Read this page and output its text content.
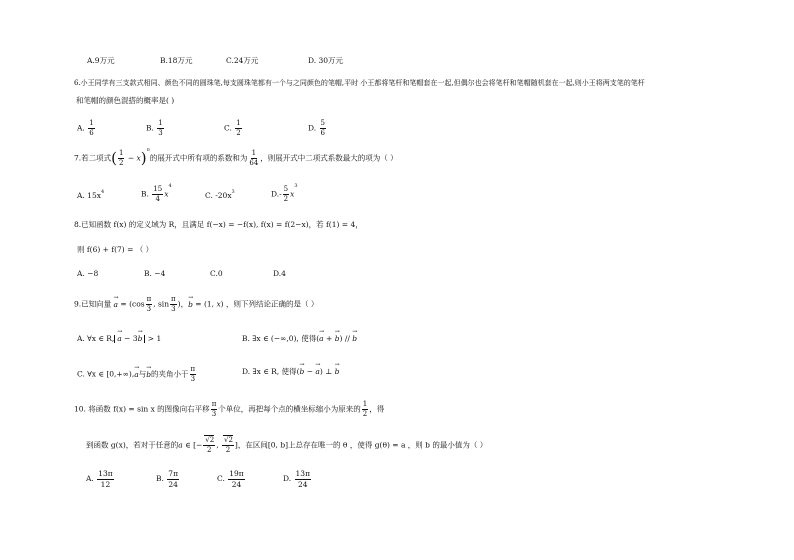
A.9万元	B.18万元	C.24万元	D. 30万元
6.小王同学有三支款式相同、颜色不同的圆珠笔,每支圆珠笔都有一个与之同颜色的笔帽,平时 小王都将笔杆和笔帽套在一起,但偶尔也会将笔杆和笔帽随机套在一起,则小王将两支笔的笔杆
和笔帽的颜色混搭的概率是( )
A. $\frac{1}{6}$	B. $\frac{1}{3}$	C. $\frac{1}{2}$	D. $\frac{5}{6}$
7.若二项式( $\frac{1}{2} - x)^n$的展开式中所有项的系数和为 $\frac{1}{64}$ ，则展开式中二项式系数最大的项为（ ）
A. $15x^4$	B. $\frac{15}{4} x^4$
C. $-20x^3$	$D.- \frac{5}{2} x^3$
8.已知函数 f(x) 的定义域为 R，且满足 f(−x) = −f(x), f(x) = f(2−x)，若 f(1) = 4，
则 f(6) + f(7) = （ ）
A. −8	B. −4	C.0	D.4
9.已知向量 → $a = (\cos \frac{\pi}{3}$ , $\sin \frac{\pi}{3}$ )，→ b = (1, x) ，则下列结论正确的是（ ）
A. ∀x ∈ R, → a − 3→ b > 1	B. ∃x ∈ (−∞,0), 使得(→ a + → b) // → b
C. ∀x ∈ [0,+∞),→ a与→ b的夹角小于 $\frac{\pi}{3}$	D. ∃x ∈ R, 使得(→ b − → a) ⊥ → b
10. 将函数 f(x) = sin x 的图像向右平移 $\frac{\pi}{3}$ 个单位，再把每个点的横坐标缩小为原来的 $\frac{1}{2}$ ，得
到函数 g(x)，若对于任意的a ∈ [− $\frac{√2}{2}$ , $\frac{√2}{2}$ ]，在区间[0, b]上总存在唯一的 θ ，使得 g(θ) = a ，则 b 的最小值为（ ）
A. $\frac{13\pi}{12}$	B. $\frac{7\pi}{24}$	C. $\frac{19\pi}{24}$	D. $\frac{13\pi}{24}$
